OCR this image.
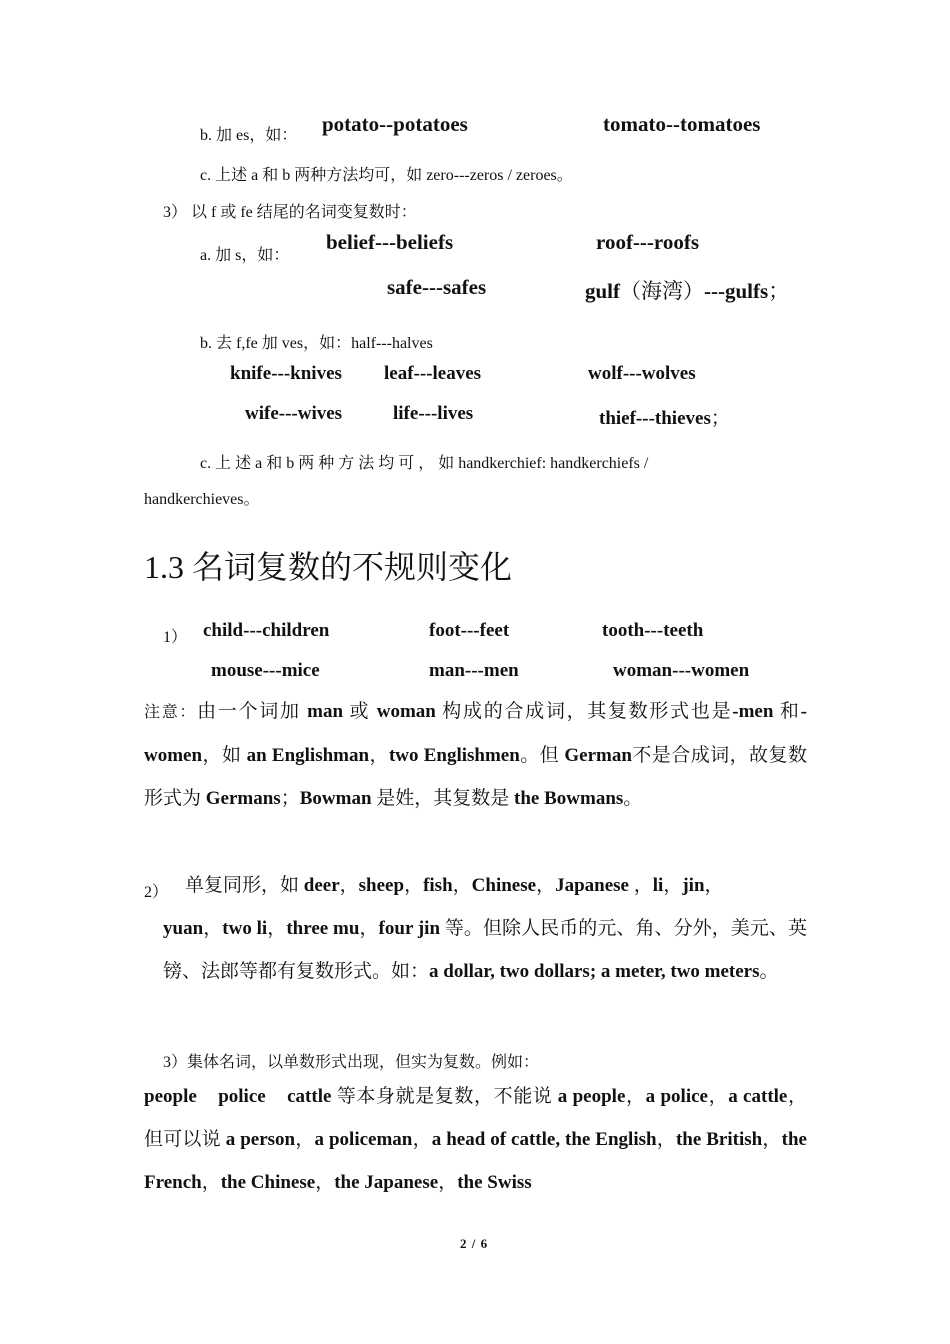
b. 加 es，如： potato--potatoes	tomato--tomatoes
c. 上述 a 和 b 两种方法均可，如 zero---zeros / zeroes。
3） 以 f 或 fe 结尾的名词变复数时：
a. 加 s，如：
belief---beliefs	roof---roofs
safe---safes	gulf（海湾）---gulfs；
b. 去 f,fe 加 ves，如：half---halves
knife---knives leaf---leaves	wolf---wolves
wife---wives	life---lives	thief---thieves；
c. 上 述 a 和 b 两 种 方 法 均 可 ， 如 handkerchief: handkerchiefs /
handkerchieves。
1.3 名词复数的不规则变化
1） child---children	foot---feet	tooth---teeth
mouse---mice	man---men	woman---women
注意：由一个词加 man 或 woman 构成的合成词，其复数形式也是-men 和-women，如 an Englishman，two Englishmen。但 German不是合成词，故复数形式为 Germans；Bowman 是姓，其复数是 the Bowmans。
2） 单复同形，如 deer，sheep，fish，Chinese，Japanese ，li，jin，
yuan，two li，three mu，four jin 等。但除人民币的元、角、分外，美元、英镑、法郎等都有复数形式。如：a dollar, two dollars; a meter, two meters。
3）集体名词，以单数形式出现，但实为复数。例如：
people    police    cattle 等本身就是复数，不能说 a people，a police，a cattle，但可以说 a person，a policeman，a head of cattle, the English，the British，the French，the Chinese，the Japanese，the Swiss
2 / 6
